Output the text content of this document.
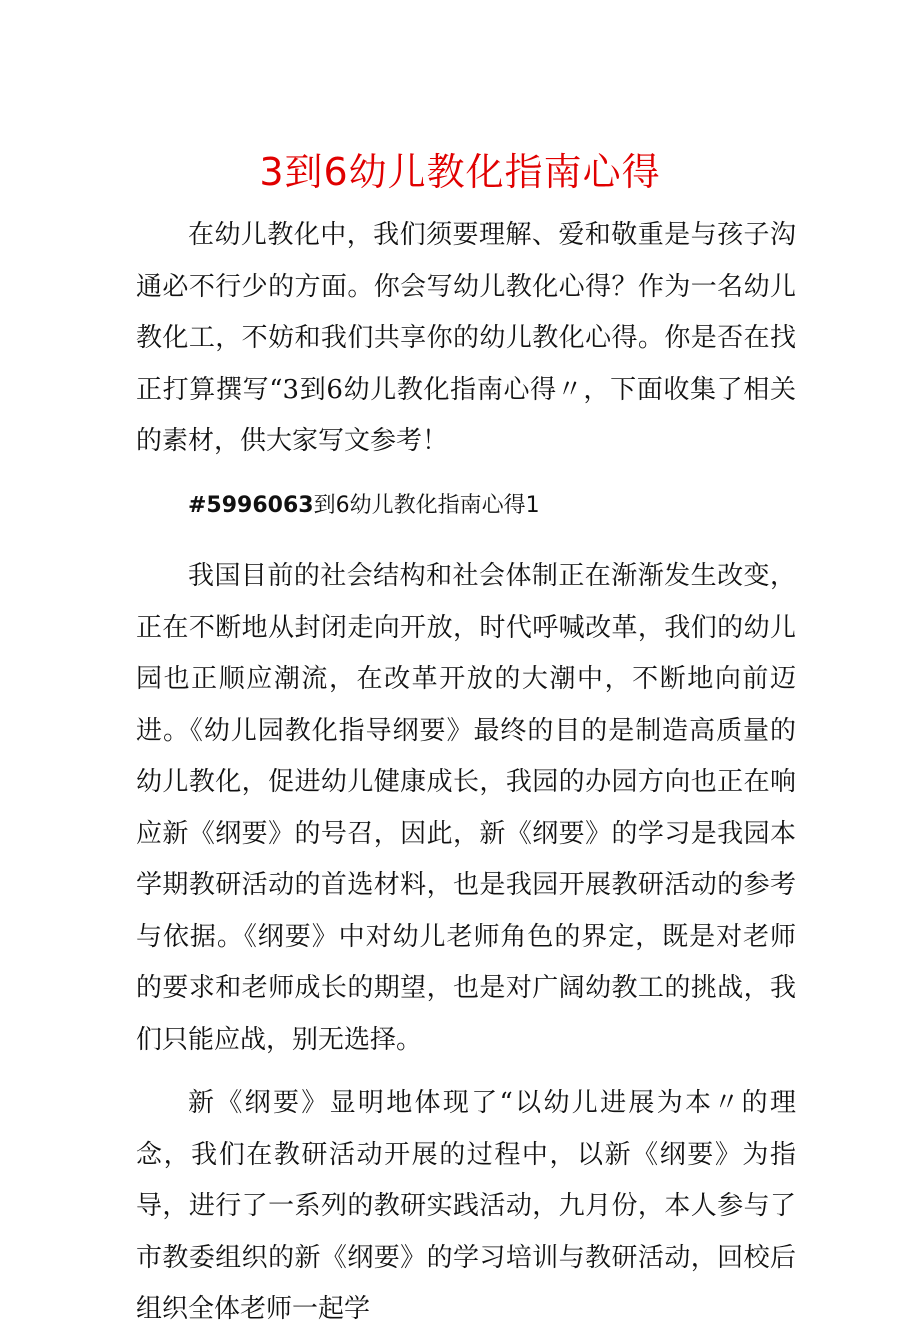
3到6幼儿教化指南心得

在幼儿教化中，我们须要理解、爱和敬重是与孩子沟通必不行少的方面。你会写幼儿教化心得？作为一名幼儿教化工，不妨和我们共享你的幼儿教化心得。你是否在找正打算撰写“3到6幼儿教化指南心得〃，下面收集了相关的素材，供大家写文参考！

#5996063到6幼儿教化指南心得1

我国目前的社会结构和社会体制正在渐渐发生改变，正在不断地从封闭走向开放，时代呼喊改革，我们的幼儿园也正顺应潮流，在改革开放的大潮中，不断地向前迈进。《幼儿园教化指导纲要》最终的目的是制造高质量的幼儿教化，促进幼儿健康成长，我园的办园方向也正在响应新《纲要》的号召，因此，新《纲要》的学习是我园本学期教研活动的首选材料，也是我园开展教研活动的参考与依据。《纲要》中对幼儿老师角色的界定，既是对老师的要求和老师成长的期望，也是对广阔幼教工的挑战，我们只能应战，别无选择。

新《纲要》显明地体现了“以幼儿进展为本〃的理念，我们在教研活动开展的过程中，以新《纲要》为指导，进行了一系列的教研实践活动，九月份，本人参与了市教委组织的新《纲要》的学习培训与教研活动，回校后组织全体老师一起学
